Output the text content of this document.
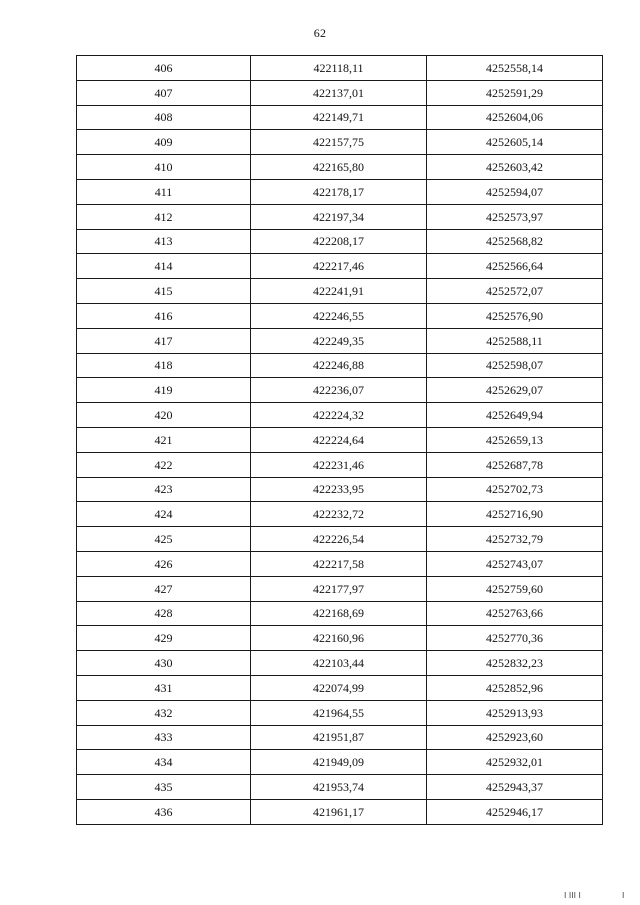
62
406	422118,11	4252558,14
407	422137,01	4252591,29
408	422149,71	4252604,06
409	422157,75	4252605,14
410	422165,80	4252603,42
411	422178,17	4252594,07
412	422197,34	4252573,97
413	422208,17	4252568,82
414	422217,46	4252566,64
415	422241,91	4252572,07
416	422246,55	4252576,90
417	422249,35	4252588,11
418	422246,88	4252598,07
419	422236,07	4252629,07
420	422224,32	4252649,94
421	422224,64	4252659,13
422	422231,46	4252687,78
423	422233,95	4252702,73
424	422232,72	4252716,90
425	422226,54	4252732,79
426	422217,58	4252743,07
427	422177,97	4252759,60
428	422168,69	4252763,66
429	422160,96	4252770,36
430	422103,44	4252832,23
431	422074,99	4252852,96
432	421964,55	4252913,93
433	421951,87	4252923,60
434	421949,09	4252932,01
435	421953,74	4252943,37
436	421961,17	4252946,17
I III I	I
